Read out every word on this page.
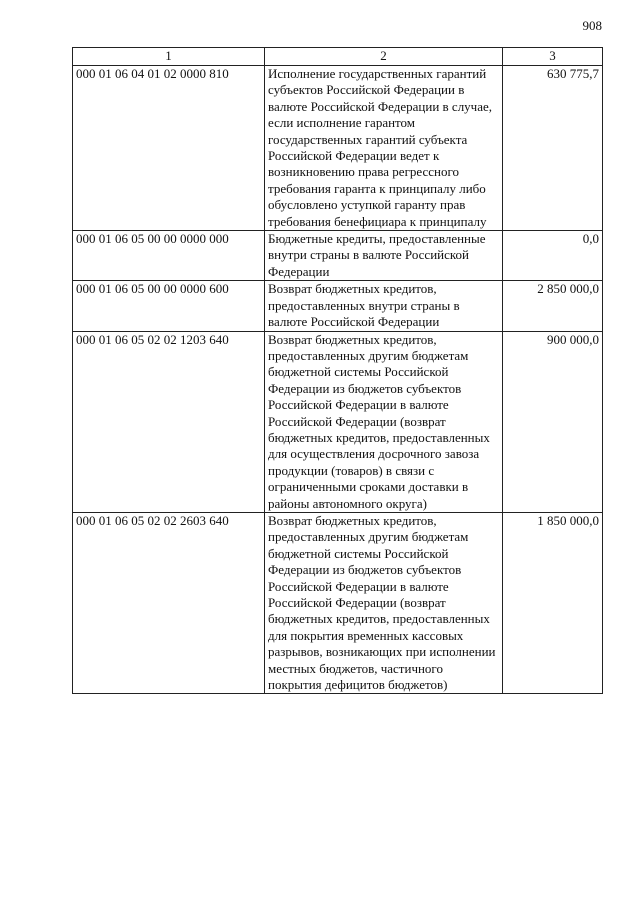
908
1	2	3
000 01 06 04 01 02 0000 810	Исполнение государственных гарантий субъектов Российской Федерации в валюте Российской Федерации в случае, если исполнение гарантом государственных гарантий субъекта Российской Федерации ведет к возникновению права регрессного требования гаранта к принципалу либо обусловлено уступкой гаранту прав требования бенефициара к принципалу	630 775,7
000 01 06 05 00 00 0000 000	Бюджетные кредиты, предоставленные внутри страны в валюте Российской Федерации	0,0
000 01 06 05 00 00 0000 600	Возврат бюджетных кредитов, предоставленных внутри страны в валюте Российской Федерации	2 850 000,0
000 01 06 05 02 02 1203 640	Возврат бюджетных кредитов, предоставленных другим бюджетам бюджетной системы Российской Федерации из бюджетов субъектов Российской Федерации в валюте Российской Федерации (возврат бюджетных кредитов, предоставленных для осуществления досрочного завоза продукции (товаров) в связи с ограниченными сроками доставки в районы автономного округа)	900 000,0
000 01 06 05 02 02 2603 640	Возврат бюджетных кредитов, предоставленных другим бюджетам бюджетной системы Российской Федерации из бюджетов субъектов Российской Федерации в валюте Российской Федерации (возврат бюджетных кредитов, предоставленных для покрытия временных кассовых разрывов, возникающих при исполнении местных бюджетов, частичного покрытия дефицитов бюджетов)	1 850 000,0
